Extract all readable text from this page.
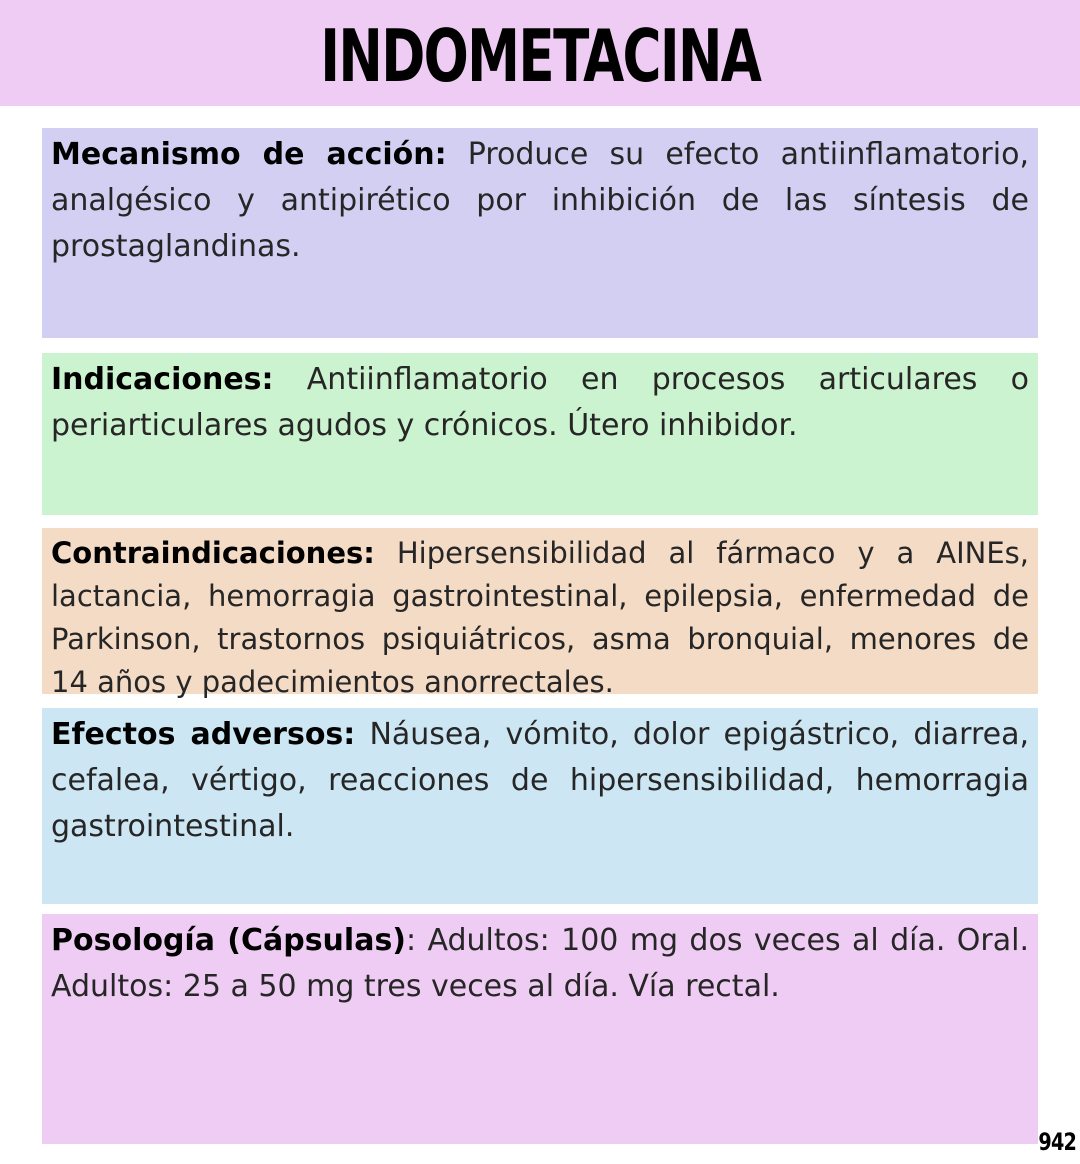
INDOMETACINA
Mecanismo de acción: Produce su efecto antiinflamatorio, analgésico y antipirético por inhibición de las síntesis de prostaglandinas.
Indicaciones: Antiinflamatorio en procesos articulares o periarticulares agudos y crónicos. Útero inhibidor.
Contraindicaciones: Hipersensibilidad al fármaco y a AINEs, lactancia, hemorragia gastrointestinal, epilepsia, enfermedad de Parkinson, trastornos psiquiátricos, asma bronquial, menores de 14 años y padecimientos anorrectales.
Efectos adversos: Náusea, vómito, dolor epigástrico, diarrea, cefalea, vértigo, reacciones de hipersensibilidad, hemorragia gastrointestinal.
Posología (Cápsulas): Adultos: 100 mg dos veces al día. Oral. Adultos: 25 a 50 mg tres veces al día. Vía rectal.
942
